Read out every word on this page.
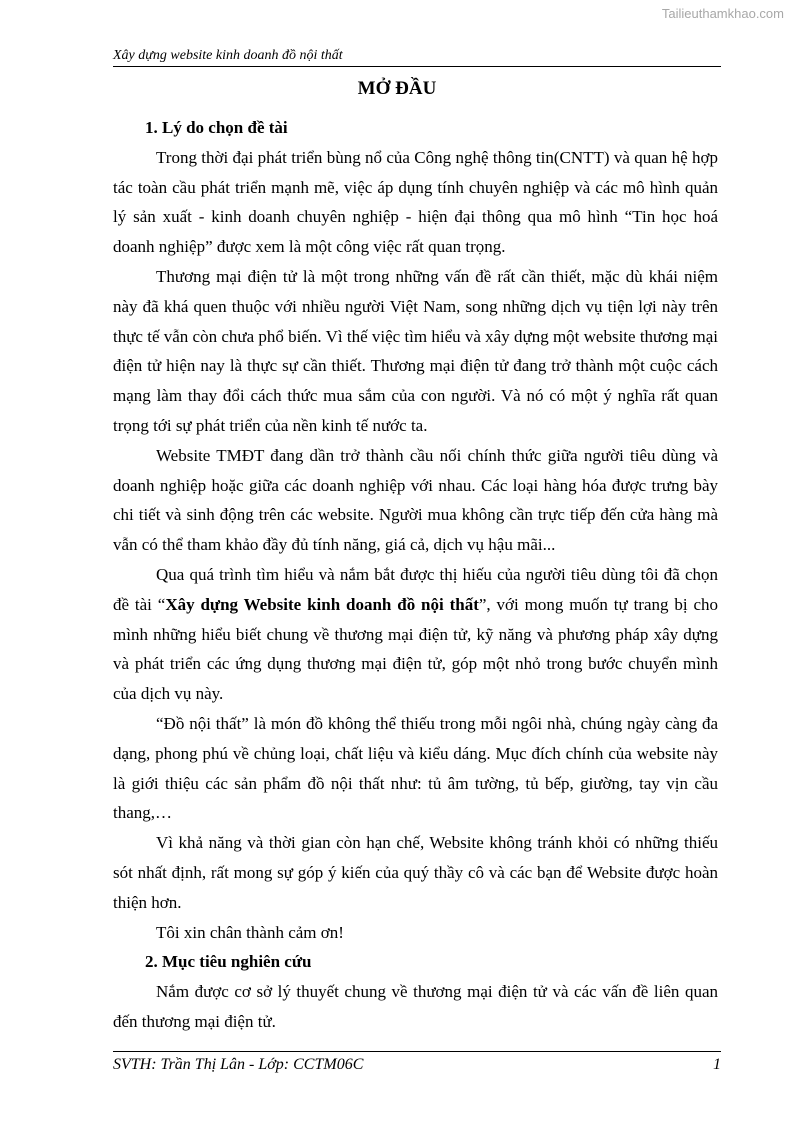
Tailieuthamkhao.com
Xây dựng website kinh doanh đồ nội thất
MỞ ĐẦU

1. Lý do chọn đề tài

Trong thời đại phát triển bùng nổ của Công nghệ thông tin(CNTT) và quan hệ hợp tác toàn cầu phát triển mạnh mẽ, việc áp dụng tính chuyên nghiệp và các mô hình quản lý sản xuất - kinh doanh chuyên nghiệp - hiện đại thông qua mô hình “Tin học hoá doanh nghiệp” được xem là một công việc rất quan trọng.

Thương mại điện tử là một trong những vấn đề rất cần thiết, mặc dù khái niệm này đã khá quen thuộc với nhiều người Việt Nam, song những dịch vụ tiện lợi này trên thực tế vẫn còn chưa phổ biến. Vì thế việc tìm hiểu và xây dựng một website thương mại điện tử hiện nay là thực sự cần thiết. Thương mại điện tử đang trở thành một cuộc cách mạng làm thay đổi cách thức mua sắm của con người. Và nó có một ý nghĩa rất quan trọng tới sự phát triển của nền kinh tế nước ta.

Website TMĐT đang dần trở thành cầu nối chính thức giữa người tiêu dùng và doanh nghiệp hoặc giữa các doanh nghiệp với nhau. Các loại hàng hóa được trưng bày chi tiết và sinh động trên các website. Người mua không cần trực tiếp đến cửa hàng mà vẫn có thể tham khảo đầy đủ tính năng, giá cả, dịch vụ hậu mãi...

Qua quá trình tìm hiểu và nắm bắt được thị hiếu của người tiêu dùng tôi đã chọn đề tài “Xây dựng Website kinh doanh đồ nội thất”, với mong muốn tự trang bị cho mình những hiểu biết chung về thương mại điện tử, kỹ năng và phương pháp xây dựng và phát triển các ứng dụng thương mại điện tử, góp một nhỏ trong bước chuyển mình của dịch vụ này.

“Đồ nội thất” là món đồ không thể thiếu trong mỗi ngôi nhà, chúng ngày càng đa dạng, phong phú về chủng loại, chất liệu và kiểu dáng. Mục đích chính của website này là giới thiệu các sản phẩm đồ nội thất như: tủ âm tường, tủ bếp, giường, tay vịn cầu thang,…

Vì khả năng và thời gian còn hạn chế, Website không tránh khỏi có những thiếu sót nhất định, rất mong sự góp ý kiến của quý thầy cô và các bạn để Website được hoàn thiện hơn.

Tôi xin chân thành cảm ơn!

2. Mục tiêu nghiên cứu

Nắm được cơ sở lý thuyết chung về thương mại điện tử và các vấn đề liên quan đến thương mại điện tử.

SVTH: Trần Thị Lân - Lớp: CCTM06C	1
